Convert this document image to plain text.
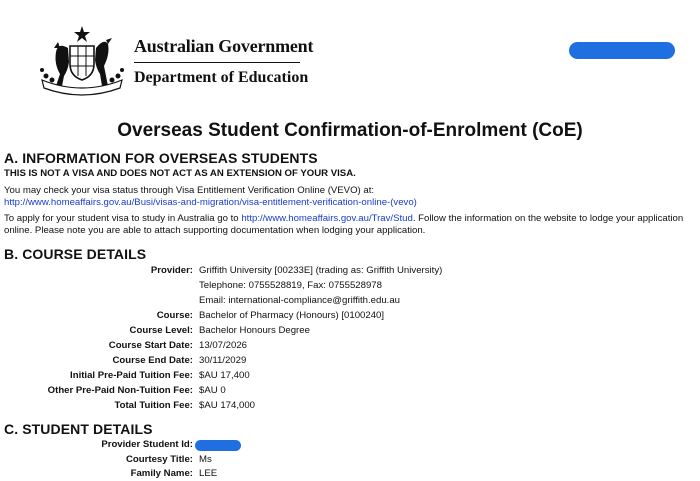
Australian Government
Department of Education
Overseas Student Confirmation-of-Enrolment (CoE)
A. INFORMATION FOR OVERSEAS STUDENTS
THIS IS NOT A VISA AND DOES NOT ACT AS AN EXTENSION OF YOUR VISA.
You may check your visa status through Visa Entitlement Verification Online (VEVO) at:
http://www.homeaffairs.gov.au/Busi/visas-and-migration/visa-entitlement-verification-online-(vevo)
To apply for your student visa to study in Australia go to http://www.homeaffairs.gov.au/Trav/Stud. Follow the information on the website to lodge your application online. Please note you are able to attach supporting documentation when lodging your application.
B. COURSE DETAILS
Provider: Griffith University [00233E] (trading as: Griffith University)
Telephone: 0755528819, Fax: 0755528978
Email: international-compliance@griffith.edu.au
Course: Bachelor of Pharmacy (Honours) [0100240]
Course Level: Bachelor Honours Degree
Course Start Date: 13/07/2026
Course End Date: 30/11/2029
Initial Pre-Paid Tuition Fee: $AU 17,400
Other Pre-Paid Non-Tuition Fee: $AU 0
Total Tuition Fee: $AU 174,000
C. STUDENT DETAILS
Provider Student Id:
Courtesy Title: Ms
Family Name: LEE
